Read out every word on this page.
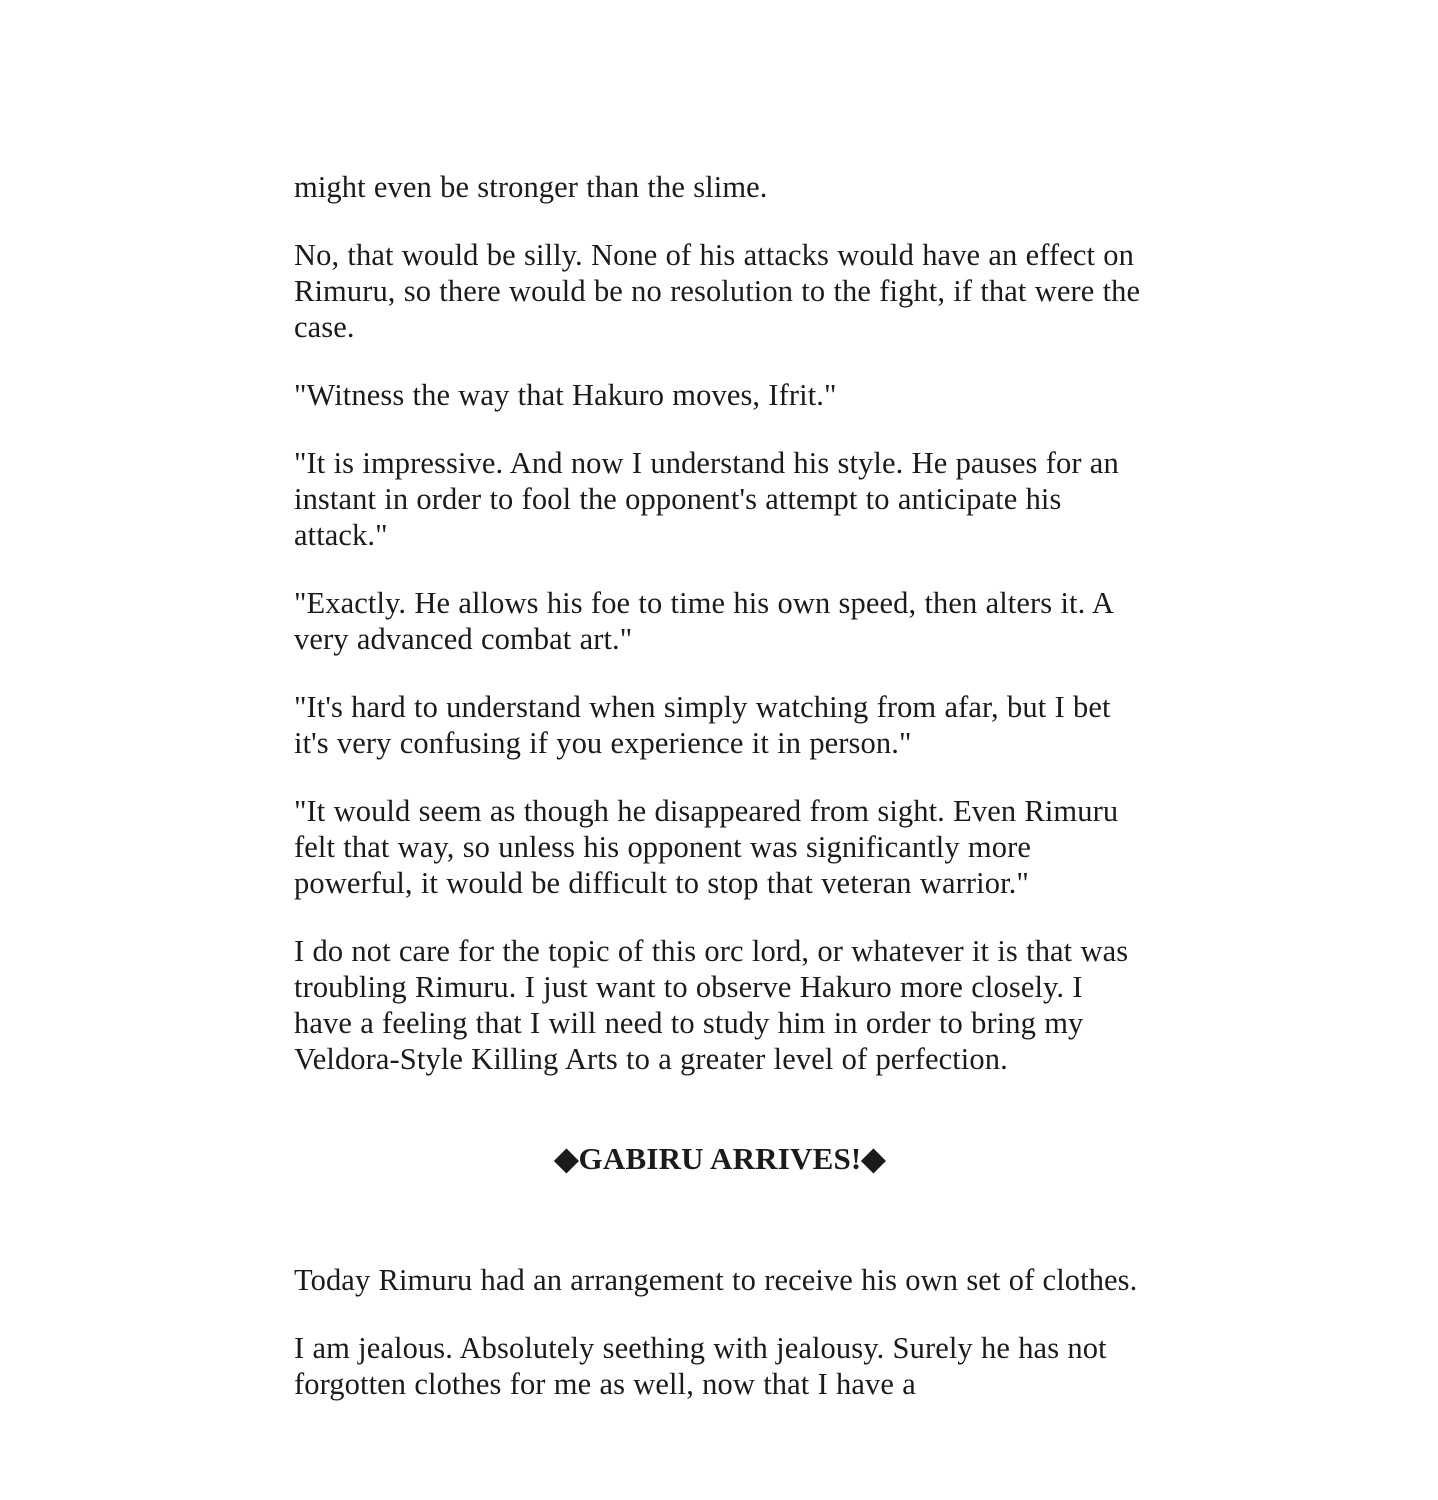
might even be stronger than the slime.

No, that would be silly. None of his attacks would have an effect on Rimuru, so there would be no resolution to the fight, if that were the case.

"Witness the way that Hakuro moves, Ifrit."

"It is impressive. And now I understand his style. He pauses for an instant in order to fool the opponent's attempt to anticipate his attack."

"Exactly. He allows his foe to time his own speed, then alters it. A very advanced combat art."

"It's hard to understand when simply watching from afar, but I bet it's very confusing if you experience it in person."

"It would seem as though he disappeared from sight. Even Rimuru felt that way, so unless his opponent was significantly more powerful, it would be difficult to stop that veteran warrior."

I do not care for the topic of this orc lord, or whatever it is that was troubling Rimuru. I just want to observe Hakuro more closely. I have a feeling that I will need to study him in order to bring my Veldora-Style Killing Arts to a greater level of perfection.

◆GABIRU ARRIVES!◆

Today Rimuru had an arrangement to receive his own set of clothes.

I am jealous. Absolutely seething with jealousy. Surely he has not forgotten clothes for me as well, now that I have a
